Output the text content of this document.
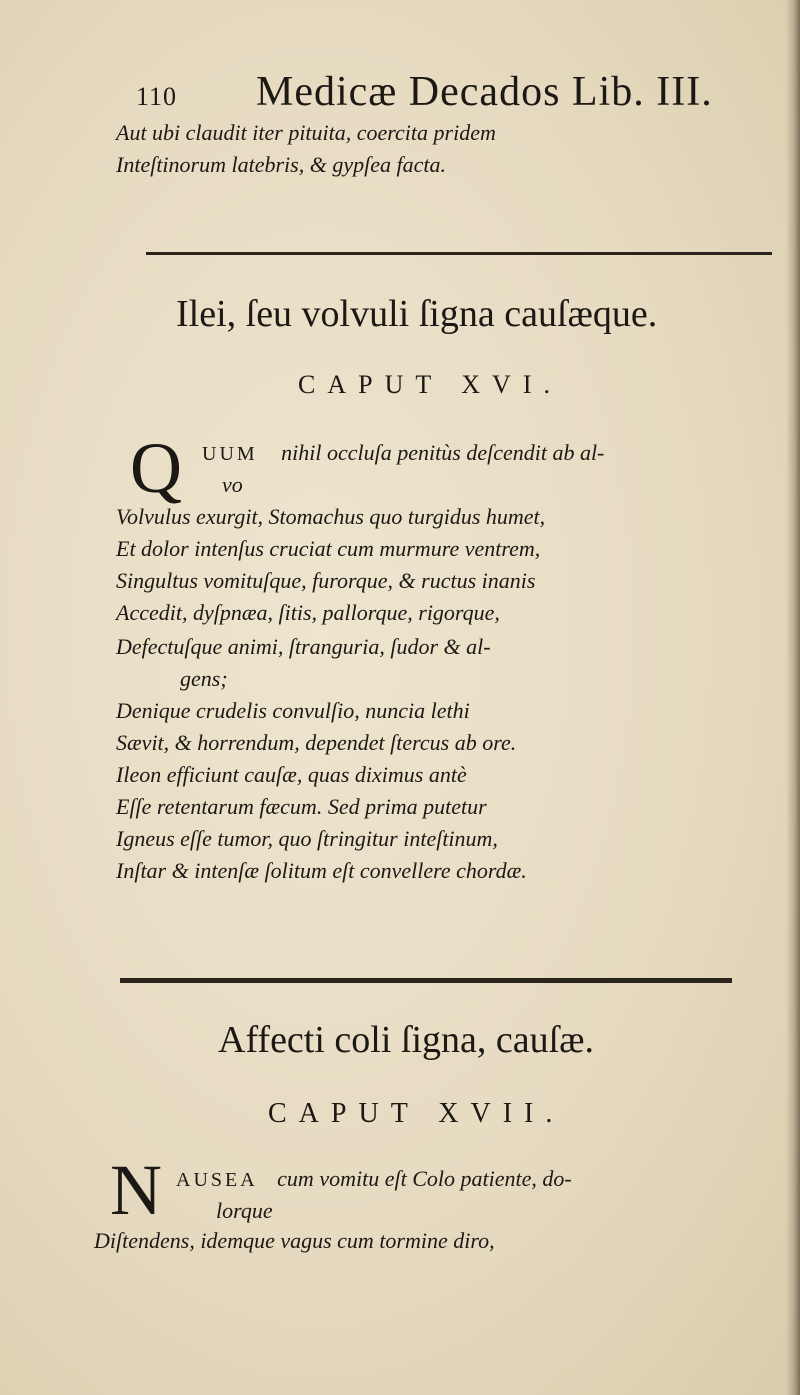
110 Medicæ Decados Lib. III.
Aut ubi claudit iter pituita, coercita pridem
Inteſtinorum latebris, & gypſea facta.
Ilei, ſeu volvuli ſigna cauſæque.
CAPUT XVI.
Q UUM nihil occluſa penitùs deſcendit ab al-
vo
Volvulus exurgit, Stomachus quo turgidus humet,
Et dolor intenſus cruciat cum murmure ventrem,
Singultus vomituſque, furorque, & ructus inanis
Accedit, dyſpnæa, ſitis, pallorque, rigorque,
Defectuſque animi, ſtranguria, ſudor & al-
gens;
Denique crudelis convulſio, nuncia lethi
Sævit, & horrendum, dependet ſtercus ab ore.
Ileon efficiunt cauſæ, quas diximus antè
Eſſe retentarum fæcum. Sed prima putetur
Igneus eſſe tumor, quo ſtringitur inteſtinum,
Inſtar & intenſæ ſolitum eſt convellere chordæ.
Affecti coli ſigna, cauſæ.
CAPUT XVII.
N AUSEA cum vomitu eſt Colo patiente, do-
lorque
Diſtendens, idemque vagus cum tormine diro,
